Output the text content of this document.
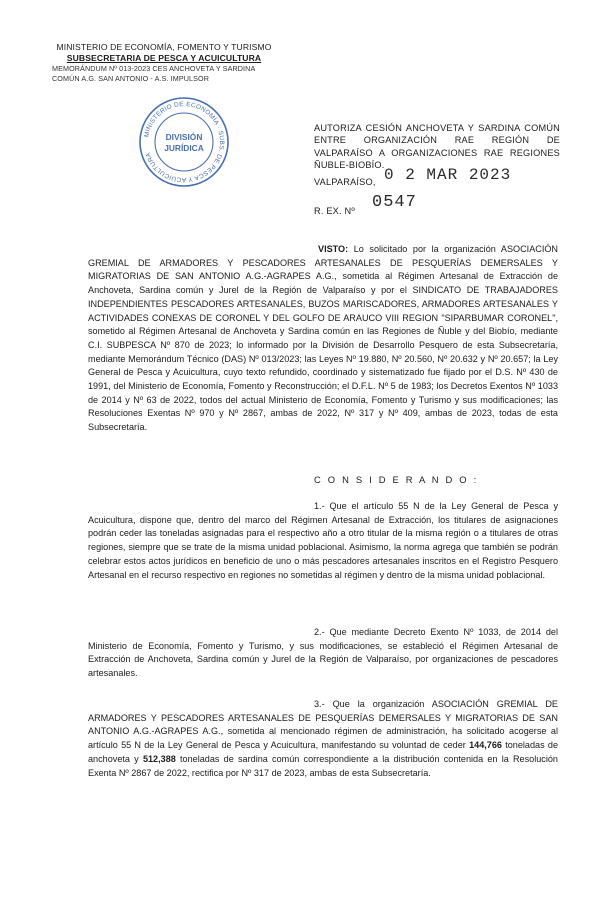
MINISTERIO DE ECONOMÍA, FOMENTO Y TURISMO
SUBSECRETARIA DE PESCA Y ACUICULTURA
MEMORÁNDUM Nº 013-2023 CES ANCHOVETA Y SARDINA
COMÚN A.G. SAN ANTONIO - A.S. IMPULSOR
MINISTERIO DE ECONOMÍA · SUBS. DE PESCA Y ACUICULTURA
DIVISIÓN
JURÍDICA
AUTORIZA CESIÓN ANCHOVETA Y SARDINA COMÚN ENTRE ORGANIZACIÓN RAE REGIÓN DE VALPARAÍSO A ORGANIZACIONES RAE REGIONES ÑUBLE-BIOBÍO.
VALPARAÍSO, 0 2 MAR 2023
R. EX. Nº 0547

VISTO: Lo solicitado por la organización ASOCIACIÓN GREMIAL DE ARMADORES Y PESCADORES ARTESANALES DE PESQUERÍAS DEMERSALES Y MIGRATORIAS DE SAN ANTONIO A.G.-AGRAPES A.G., sometida al Régimen Artesanal de Extracción de Anchoveta, Sardina común y Jurel de la Región de Valparaíso y por el SINDICATO DE TRABAJADORES INDEPENDIENTES PESCADORES ARTESANALES, BUZOS MARISCADORES, ARMADORES ARTESANALES Y ACTIVIDADES CONEXAS DE CORONEL Y DEL GOLFO DE ARAUCO VIII REGION "SIPARBUMAR CORONEL", sometido al Régimen Artesanal de Anchoveta y Sardina común en las Regiones de Ñuble y del Biobío, mediante C.I. SUBPESCA Nº 870 de 2023; lo informado por la División de Desarrollo Pesquero de esta Subsecretaría, mediante Memorándum Técnico (DAS) Nº 013/2023; las Leyes Nº 19.880, Nº 20.560, Nº 20.632 y Nº 20.657; la Ley General de Pesca y Acuicultura, cuyo texto refundido, coordinado y sistematizado fue fijado por el D.S. Nº 430 de 1991, del Ministerio de Economía, Fomento y Reconstrucción; el D.F.L. Nº 5 de 1983; los Decretos Exentos Nº 1033 de 2014 y Nº 63 de 2022, todos del actual Ministerio de Economía, Fomento y Turismo y sus modificaciones; las Resoluciones Exentas Nº 970 y Nº 2867, ambas de 2022, Nº 317 y Nº 409, ambas de 2023, todas de esta Subsecretaría.

C O N S I D E R A N D O :

1.- Que el artículo 55 N de la Ley General de Pesca y Acuicultura, dispone que, dentro del marco del Régimen Artesanal de Extracción, los titulares de asignaciones podrán ceder las toneladas asignadas para el respectivo año a otro titular de la misma región o a titulares de otras regiones, siempre que se trate de la misma unidad poblacional. Asimismo, la norma agrega que también se podrán celebrar estos actos jurídicos en beneficio de uno o más pescadores artesanales inscritos en el Registro Pesquero Artesanal en el recurso respectivo en regiones no sometidas al régimen y dentro de la misma unidad poblacional.

2.- Que mediante Decreto Exento Nº 1033, de 2014 del Ministerio de Economía, Fomento y Turismo, y sus modificaciones, se estableció el Régimen Artesanal de Extracción de Anchoveta, Sardina común y Jurel de la Región de Valparaíso, por organizaciones de pescadores artesanales.

3.- Que la organización ASOCIACIÓN GREMIAL DE ARMADORES Y PESCADORES ARTESANALES DE PESQUERÍAS DEMERSALES Y MIGRATORIAS DE SAN ANTONIO A.G.-AGRAPES A.G., sometida al mencionado régimen de administración, ha solicitado acogerse al artículo 55 N de la Ley General de Pesca y Acuicultura, manifestando su voluntad de ceder 144,766 toneladas de anchoveta y 512,388 toneladas de sardina común correspondiente a la distribución contenida en la Resolución Exenta Nº 2867 de 2022, rectifica por Nº 317 de 2023, ambas de esta Subsecretaría.
